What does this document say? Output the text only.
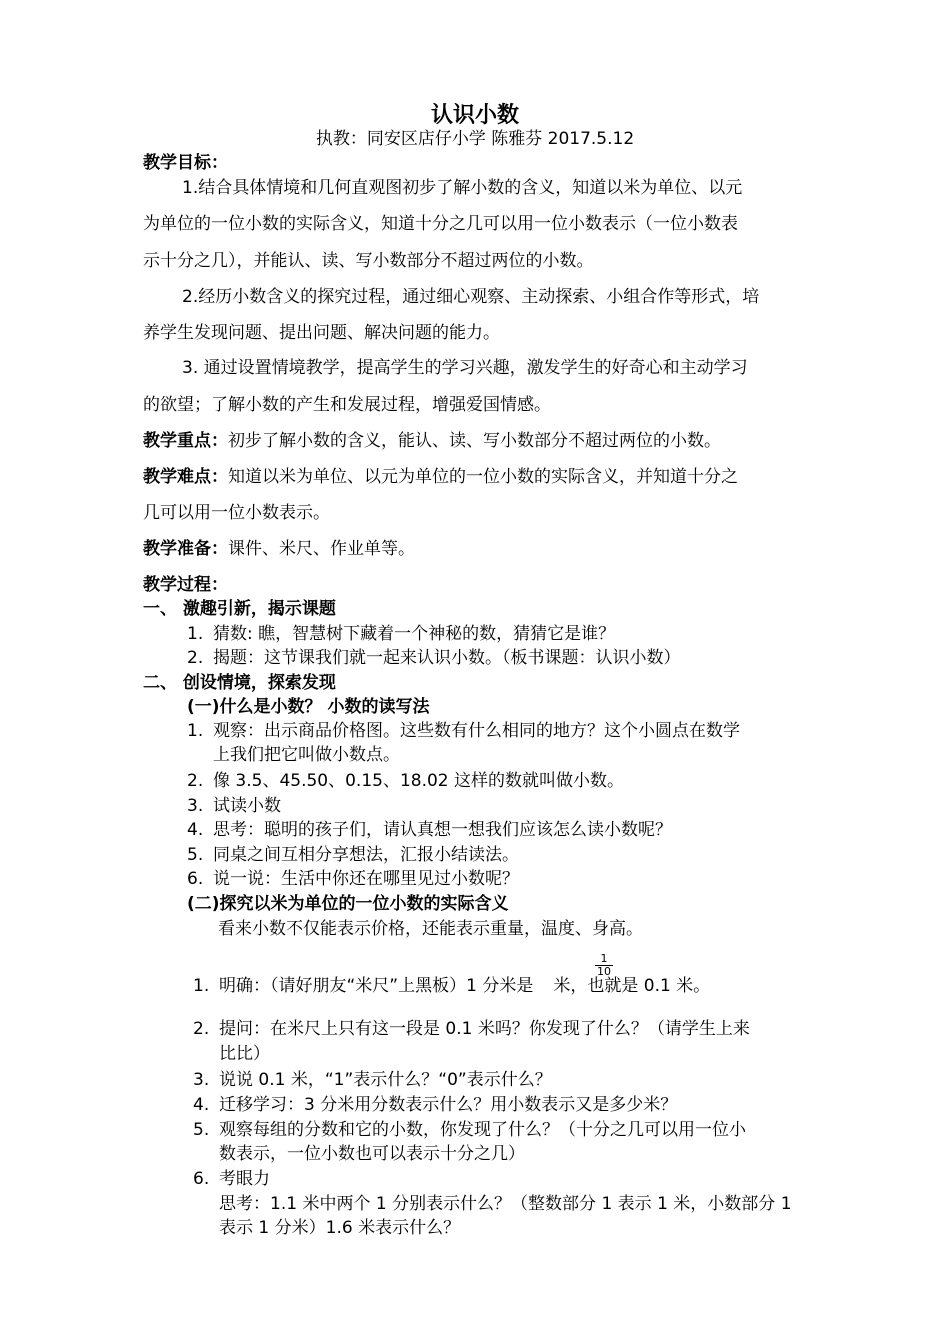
认识小数
执教：同安区店仔小学 陈雅芬 2017.5.12
教学目标：
1.结合具体情境和几何直观图初步了解小数的含义，知道以米为单位、以元
为单位的一位小数的实际含义，知道十分之几可以用一位小数表示（一位小数表
示十分之几），并能认、读、写小数部分不超过两位的小数。
2.经历小数含义的探究过程，通过细心观察、主动探索、小组合作等形式，培
养学生发现问题、提出问题、解决问题的能力。
3. 通过设置情境教学，提高学生的学习兴趣，激发学生的好奇心和主动学习
的欲望；了解小数的产生和发展过程，增强爱国情感。
教学重点：初步了解小数的含义，能认、读、写小数部分不超过两位的小数。
教学难点：知道以米为单位、以元为单位的一位小数的实际含义，并知道十分之
几可以用一位小数表示。
教学准备：课件、米尺、作业单等。
教学过程：
一、 激趣引新，揭示课题
1. 猜数: 瞧，智慧树下藏着一个神秘的数，猜猜它是谁？
2. 揭题：这节课我们就一起来认识小数。（板书课题：认识小数）
二、 创设情境，探索发现
(一)什么是小数？ 小数的读写法
1. 观察：出示商品价格图。这些数有什么相同的地方？这个小圆点在数学
上我们把它叫做小数点。
2. 像 3.5、45.50、0.15、18.02 这样的数就叫做小数。
3. 试读小数
4. 思考：聪明的孩子们，请认真想一想我们应该怎么读小数呢？
5. 同桌之间互相分享想法，汇报小结读法。
6. 说一说：生活中你还在哪里见过小数呢？
(二)探究以米为单位的一位小数的实际含义
看来小数不仅能表示价格，还能表示重量，温度、身高。
1. 明确：（请好朋友“米尺”上黑板）1 分米是 米，也就是 0.1 米。
$\frac{1}{10}$
2. 提问：在米尺上只有这一段是 0.1 米吗？你发现了什么？（请学生上来
比比）
3. 说说 0.1 米，“1”表示什么？“0”表示什么？
4. 迁移学习：3 分米用分数表示什么？用小数表示又是多少米？
5. 观察每组的分数和它的小数，你发现了什么？（十分之几可以用一位小
数表示，一位小数也可以表示十分之几）
6. 考眼力
思考：1.1 米中两个 1 分别表示什么？（整数部分 1 表示 1 米，小数部分 1
表示 1 分米）1.6 米表示什么？
